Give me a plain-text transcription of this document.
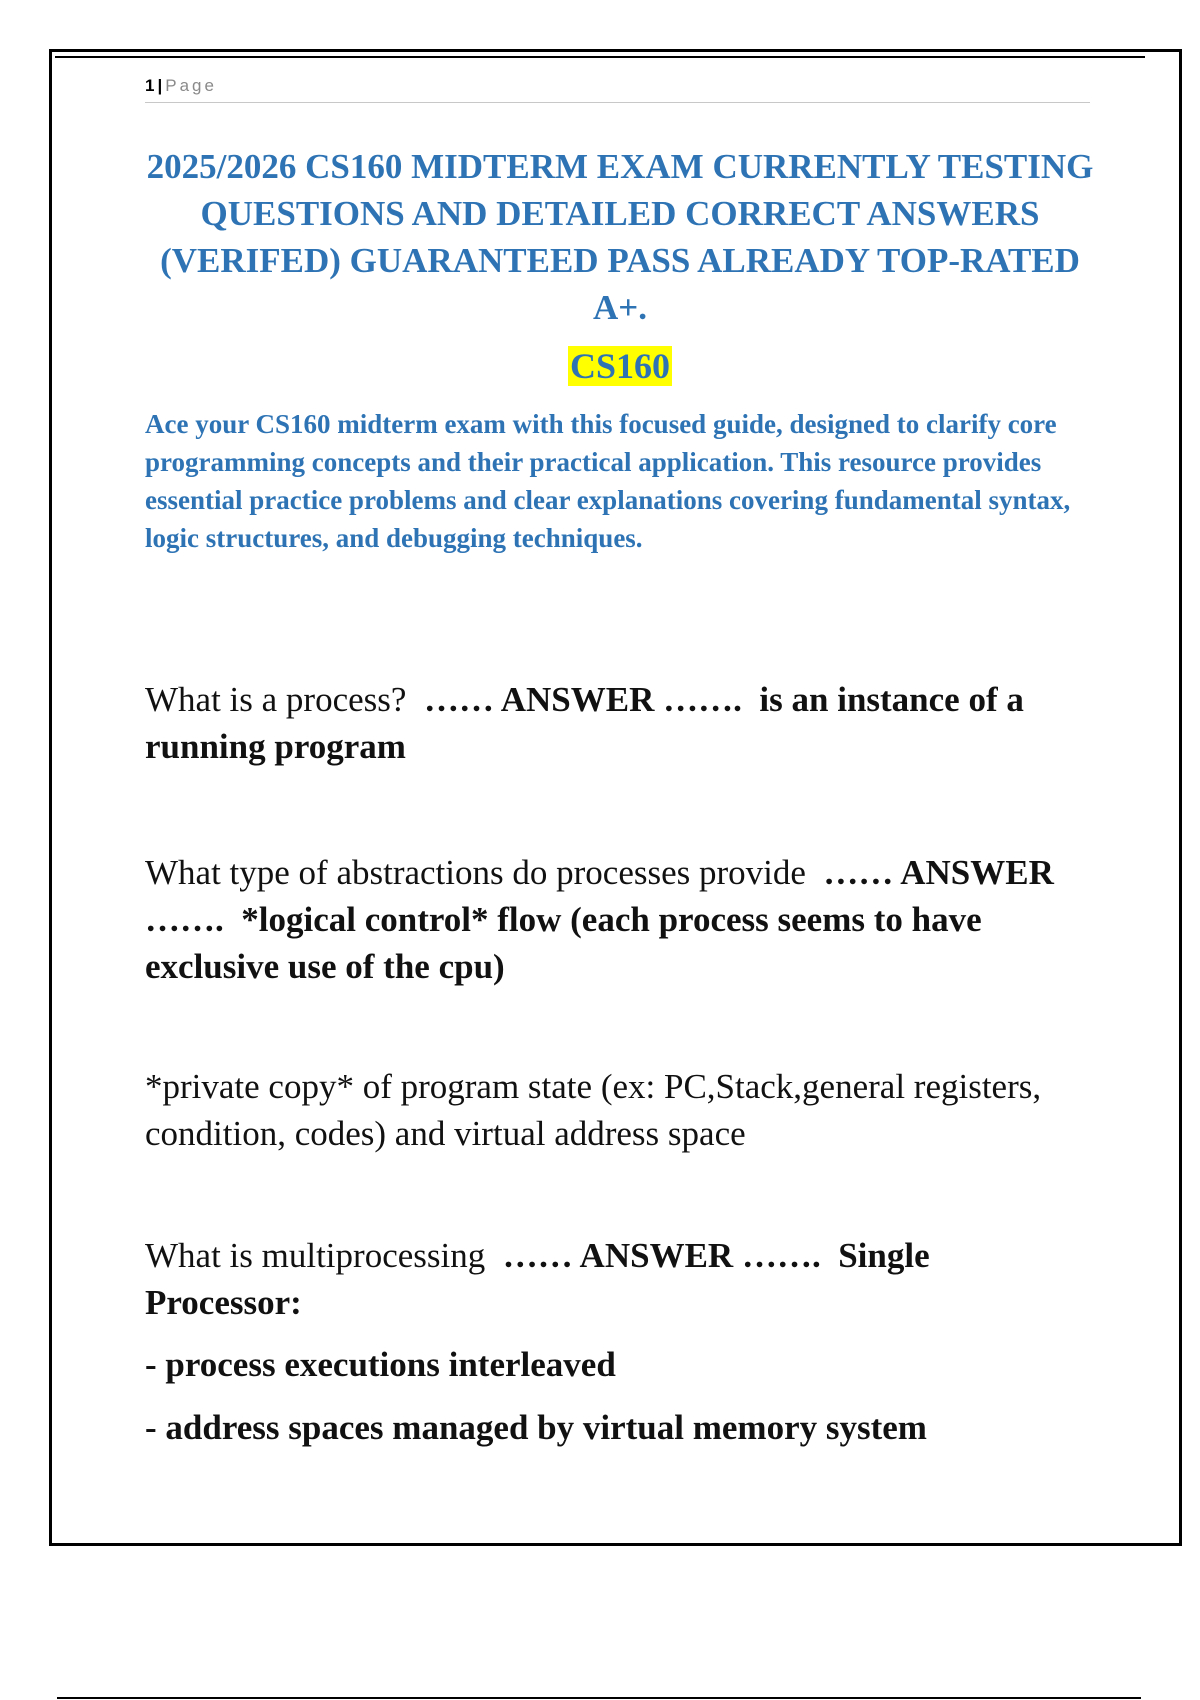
1 | Page
2025/2026 CS160 MIDTERM EXAM CURRENTLY TESTING QUESTIONS AND DETAILED CORRECT ANSWERS (VERIFED) GUARANTEED PASS ALREADY TOP-RATED A+.
CS160

Ace your CS160 midterm exam with this focused guide, designed to clarify core programming concepts and their practical application. This resource provides essential practice problems and clear explanations covering fundamental syntax, logic structures, and debugging techniques.

What is a process? …… ANSWER ……. is an instance of a running program

What type of abstractions do processes provide …… ANSWER ……. *logical control* flow (each process seems to have exclusive use of the cpu)

*private copy* of program state (ex: PC,Stack,general registers, condition, codes) and virtual address space

What is multiprocessing …… ANSWER ……. Single Processor:

- process executions interleaved

- address spaces managed by virtual memory system
